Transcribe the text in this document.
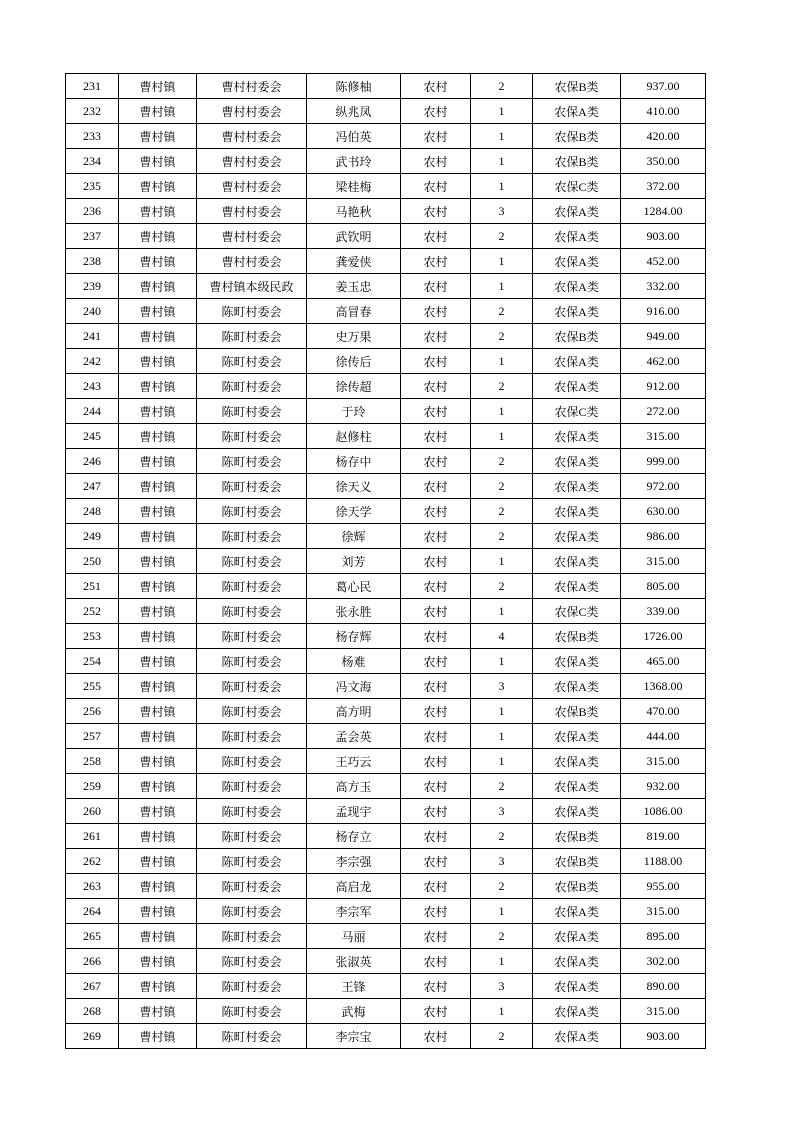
231	曹村镇	曹村村委会	陈修柚	农村	2	农保B类	937.00
232	曹村镇	曹村村委会	纵兆凤	农村	1	农保A类	410.00
233	曹村镇	曹村村委会	冯伯英	农村	1	农保B类	420.00
234	曹村镇	曹村村委会	武书玲	农村	1	农保B类	350.00
235	曹村镇	曹村村委会	梁桂梅	农村	1	农保C类	372.00
236	曹村镇	曹村村委会	马艳秋	农村	3	农保A类	1284.00
237	曹村镇	曹村村委会	武钦明	农村	2	农保A类	903.00
238	曹村镇	曹村村委会	龚爱侠	农村	1	农保A类	452.00
239	曹村镇	曹村镇本级民政	姜玉忠	农村	1	农保A类	332.00
240	曹村镇	陈町村委会	高冒春	农村	2	农保A类	916.00
241	曹村镇	陈町村委会	史万果	农村	2	农保B类	949.00
242	曹村镇	陈町村委会	徐传后	农村	1	农保A类	462.00
243	曹村镇	陈町村委会	徐传超	农村	2	农保A类	912.00
244	曹村镇	陈町村委会	于玲	农村	1	农保C类	272.00
245	曹村镇	陈町村委会	赵修柱	农村	1	农保A类	315.00
246	曹村镇	陈町村委会	杨存中	农村	2	农保A类	999.00
247	曹村镇	陈町村委会	徐天义	农村	2	农保A类	972.00
248	曹村镇	陈町村委会	徐天学	农村	2	农保A类	630.00
249	曹村镇	陈町村委会	徐辉	农村	2	农保A类	986.00
250	曹村镇	陈町村委会	刘芳	农村	1	农保A类	315.00
251	曹村镇	陈町村委会	葛心民	农村	2	农保A类	805.00
252	曹村镇	陈町村委会	张永胜	农村	1	农保C类	339.00
253	曹村镇	陈町村委会	杨存辉	农村	4	农保B类	1726.00
254	曹村镇	陈町村委会	杨难	农村	1	农保A类	465.00
255	曹村镇	陈町村委会	冯文海	农村	3	农保A类	1368.00
256	曹村镇	陈町村委会	高方明	农村	1	农保B类	470.00
257	曹村镇	陈町村委会	孟会英	农村	1	农保A类	444.00
258	曹村镇	陈町村委会	王巧云	农村	1	农保A类	315.00
259	曹村镇	陈町村委会	高方玉	农村	2	农保A类	932.00
260	曹村镇	陈町村委会	孟现宇	农村	3	农保A类	1086.00
261	曹村镇	陈町村委会	杨存立	农村	2	农保B类	819.00
262	曹村镇	陈町村委会	李宗强	农村	3	农保B类	1188.00
263	曹村镇	陈町村委会	高启龙	农村	2	农保B类	955.00
264	曹村镇	陈町村委会	李宗军	农村	1	农保A类	315.00
265	曹村镇	陈町村委会	马丽	农村	2	农保A类	895.00
266	曹村镇	陈町村委会	张淑英	农村	1	农保A类	302.00
267	曹村镇	陈町村委会	王锋	农村	3	农保A类	890.00
268	曹村镇	陈町村委会	武梅	农村	1	农保A类	315.00
269	曹村镇	陈町村委会	李宗宝	农村	2	农保A类	903.00
